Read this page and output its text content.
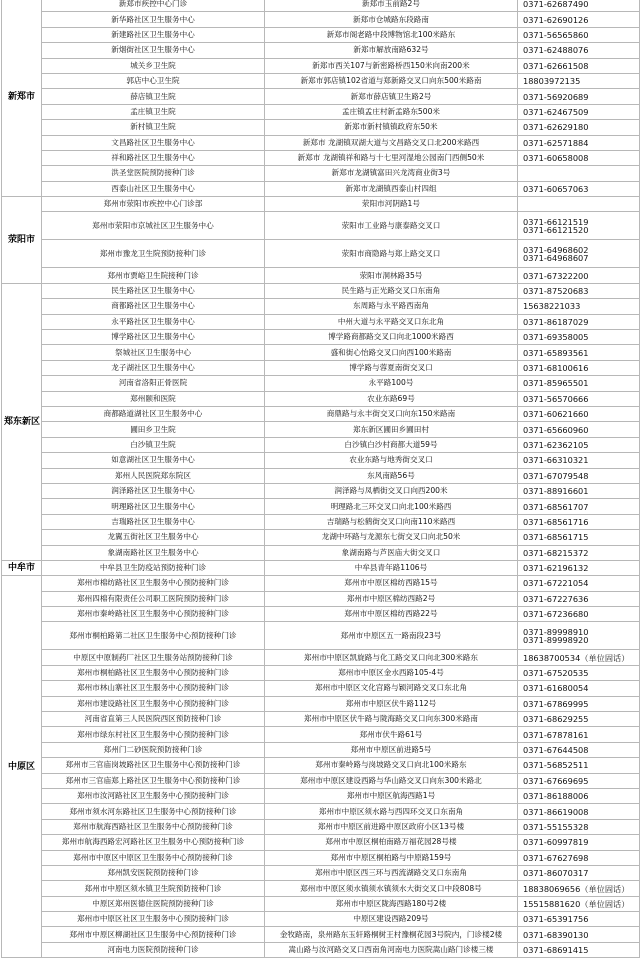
新郑市	新郑市疾控中心门诊	新郑市玉前路2号	0371-62687490

	新华路社区卫生服务中心	新郑市仓城路东段路南	0371-62690126

	新建路社区卫生服务中心	新郑市阁老路中段博物馆北100米路东	0371-56565860

	新烟街社区卫生服务中心	新郑市解放南路632号	0371-62488076

	城关乡卫生院	新郑市西关107与新密路桥西150米向南200米	0371-62661508

	郭店中心卫生院	新郑市郭店镇102省道与郑新路交叉口向东500米路南	18803972135

	薛店镇卫生院	新郑市薛店镇卫生路2号	0371-56920689

	孟庄镇卫生院	孟庄镇孟庄村新孟路东500米	0371-62467509

	新村镇卫生院	新郑市新村镇镇政府东50米	0371-62629180

	文昌路社区卫生服务中心	新郑市 龙湖镇双湖大道与文昌路交叉口北200米路西	0371-62571884

	祥和路社区卫生服务中心	新郑市 龙湖镇祥和路与十七里河湿地公园南门西侧50米	0371-60658008

	洪圣堂医院预防接种门诊	新郑市龙湖镇富田兴龙湾商业街3号	

	西泰山社区卫生服务中心	新郑市龙湖镇西泰山村四组	0371-60657063

荥阳市	郑州市荥阳市疾控中心门诊部	荥阳市河阴路1号	

	郑州市荥阳市京城社区卫生服务中心	荥阳市工业路与康泰路交叉口	0371-66121519
0371-66121520

	郑州市豫龙卫生院预防接种门诊	荥阳市商隐路与郑上路交叉口	0371-64968602
0371-64968607

	郑州市贾峪卫生院接种门诊	荥阳市洞林路35号	0371-67322200

郑东新区	民生路社区卫生服务中心	民生路与正光路交叉口东南角	0371-87520683

	商都路社区卫生服务中心	东周路与永平路西南角	15638221033

	永平路社区卫生服务中心	中州大道与永平路交叉口东北角	0371-86187029

	博学路社区卫生服务中心	博学路商都路交叉口向北1000米路西	0371-69358005

	祭城社区卫生服务中心	盛和街心怡路交叉口向西100米路南	0371-65893561

	龙子湖社区卫生服务中心	博学路与蓉夏南街交叉口	0371-68100616

	河南省洛阳正骨医院	永平路100号	0371-85965501

	郑州颐和医院	农业东路69号	0371-56570666

	商都路道湖社区卫生服务中心	商鼎路与永丰街交叉口向东150米路南	0371-60621660

	圃田乡卫生院	郑东新区圃田乡圃田村	0371-65660960

	白沙镇卫生院	白沙镇白沙村商都大道59号	0371-62362105

	如意湖社区卫生服务中心	农业东路与地秀街交叉口	0371-66310321

	郑州人民医院郑东院区	东风南路56号	0371-67079548

	润泽路社区卫生服务中心	润泽路与凤栖街交叉口向西200米	0371-88916601

	明理路社区卫生服务中心	明理路北三环交叉口向北100米路西	0371-68561707

	吉瑞路社区卫生服务中心	吉瑞路与松鹤街交叉口向南110米路西	0371-68561716

	龙翼五街社区卫生服务中心	龙湖中环路与龙源东七街交叉口向北50米	0371-68561715

	象湖南路社区卫生服务中心	象湖南路与芦医庙大街交叉口	0371-68215372

中牟市	中牟县卫生防疫站预防接种门诊	中牟县青年路1106号	0371-62196132

中原区	郑州市棉纺路社区卫生服务中心预防接种门诊	郑州市中原区棉纺西路15号	0371-67221054

	郑州四棉有限责任公司职工医院预防接种门诊	郑州市中原区棉纺西路2号	0371-67227636

	郑州市秦岭路社区卫生服务中心预防接种门诊	郑州市中原区棉纺西路22号	0371-67236680

	郑州市桐柏路第二社区卫生服务中心预防接种门诊	郑州市中原区五一路南段23号	0371-89998910
0371-89998920

	中原区中原制药厂社区卫生服务站预防接种门诊	郑州市中原区凯旋路与化工路交叉口向北300米路东	18638700534（单位固话）

	郑州市桐柏路社区卫生服务中心预防接种门诊	郑州市中原区金水西路105-4号	0371-67520535

	郑州市林山寨社区卫生服务中心预防接种门诊	郑州市中原区文化宫路与颖河路交叉口东北角	0371-61680054

	郑州市建设路社区卫生服务中心预防接种门诊	郑州市中原区伏牛路112号	0371-67869995

	河南省直第三人民医院西区预防接种门诊	郑州市中原区伏牛路与陇海路交叉口向东300米路南	0371-68629255

	郑州市绿东村社区卫生服务中心预防接种门诊	郑州市伏牛路61号	0371-67878161

	郑州门二砂医院预防接种门诊	郑州市中原区前进路5号	0371-67644508

	郑州市三官庙岗坡路社区卫生服务中心预防接种门诊	郑州市秦岭路与岗坡路交叉口向北100米路东	0371-56852511

	郑州市三官庙郑上路社区卫生服务中心预防接种门诊	郑州市中原区建设西路与华山路交叉口向东300米路北	0371-67669695

	郑州市汝河路社区卫生服务中心预防接种门诊	郑州市中原区航海西路1号	0371-86188006

	郑州市须水河东路社区卫生服务中心预防接种门诊	郑州市中原区须水路与西四环交叉口东南角	0371-86619008

	郑州市航海西路社区卫生服务中心预防接种门诊	郑州市中原区前进路中原区政府小区13号楼	0371-55155328

	郑州市航海西路宏河路社区卫生服务中心预防接种门诊	郑州市中原区桐柏南路万福花园28号楼	0371-60997819

	郑州市中原区中原区卫生服务中心预防接种门诊	郑州市中原区桐柏路与中原路159号	0371-67627698

	郑州凯安医院预防接种门诊	郑州市中原区西三环与西流湖路交叉口东南角	0371-86070317

	郑州市中原区须水镇卫生院预防接种门诊	郑州市中原区须水镇须水镇须水大街交叉口中段808号	18838069656（单位固话）

	中原区郑州医德住医院预防接种门诊	郑州市中原区陇海西路180号2楼	15515881620（单位固话）

	郑州市中原区社区卫生服务中心预防接种门诊	中原区建设西路209号	0371-65391756

	郑州市中原区柳湖社区卫生服务中心预防接种门诊	金牧路南，泉州路东玉轩路桐树王村豫桐花园3号院内，门诊楼2楼	0371-68390130

	河南电力医院预防接种门诊	嵩山路与汝河路交叉口西南角河南电力医院嵩山路门诊楼三楼	0371-68691415
